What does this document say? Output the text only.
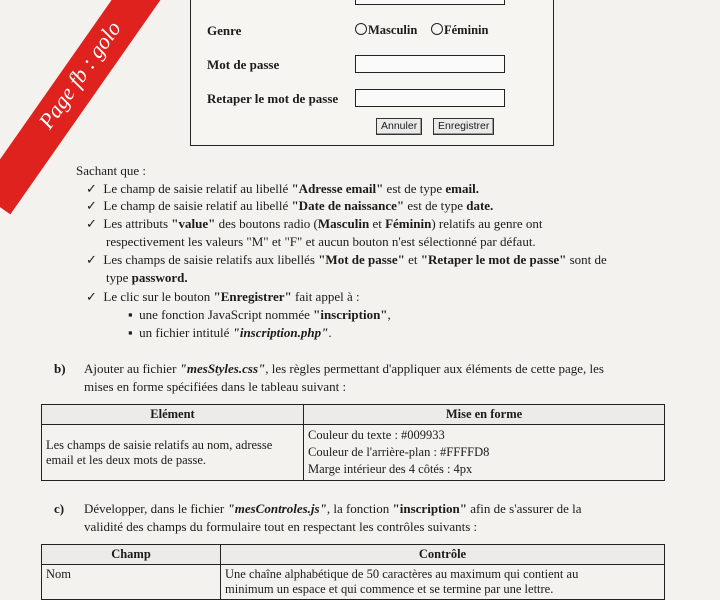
Genre	Masculin	Féminin
Mot de passe
Retaper le mot de passe
Annuler	Enregistrer
Page fb : golo
Sachant que :
✓ Le champ de saisie relatif au libellé "Adresse email" est de type email.
✓ Le champ de saisie relatif au libellé "Date de naissance" est de type date.
✓ Les attributs "value" des boutons radio (Masculin et Féminin) relatifs au genre ont
respectivement les valeurs "M" et "F" et aucun bouton n'est sélectionné par défaut.
✓ Les champs de saisie relatifs aux libellés "Mot de passe" et "Retaper le mot de passe" sont de
type password.
✓ Le clic sur le bouton "Enregistrer" fait appel à :
▪ une fonction JavaScript nommée "inscription",
▪ un fichier intitulé "inscription.php".
b) Ajouter au fichier "mesStyles.css", les règles permettant d'appliquer aux éléments de cette page, les
mises en forme spécifiées dans le tableau suivant :
Elément	Mise en forme
Les champs de saisie relatifs au nom, adresse email et les deux mots de passe.	Couleur du texte : #009933
Couleur de l'arrière-plan : #FFFFD8
Marge intérieur des 4 côtés : 4px
c) Développer, dans le fichier "mesControles.js", la fonction "inscription" afin de s'assurer de la
validité des champs du formulaire tout en respectant les contrôles suivants :
Champ	Contrôle
Nom	Une chaîne alphabétique de 50 caractères au maximum qui contient au
minimum un espace et qui commence et se termine par une lettre.
